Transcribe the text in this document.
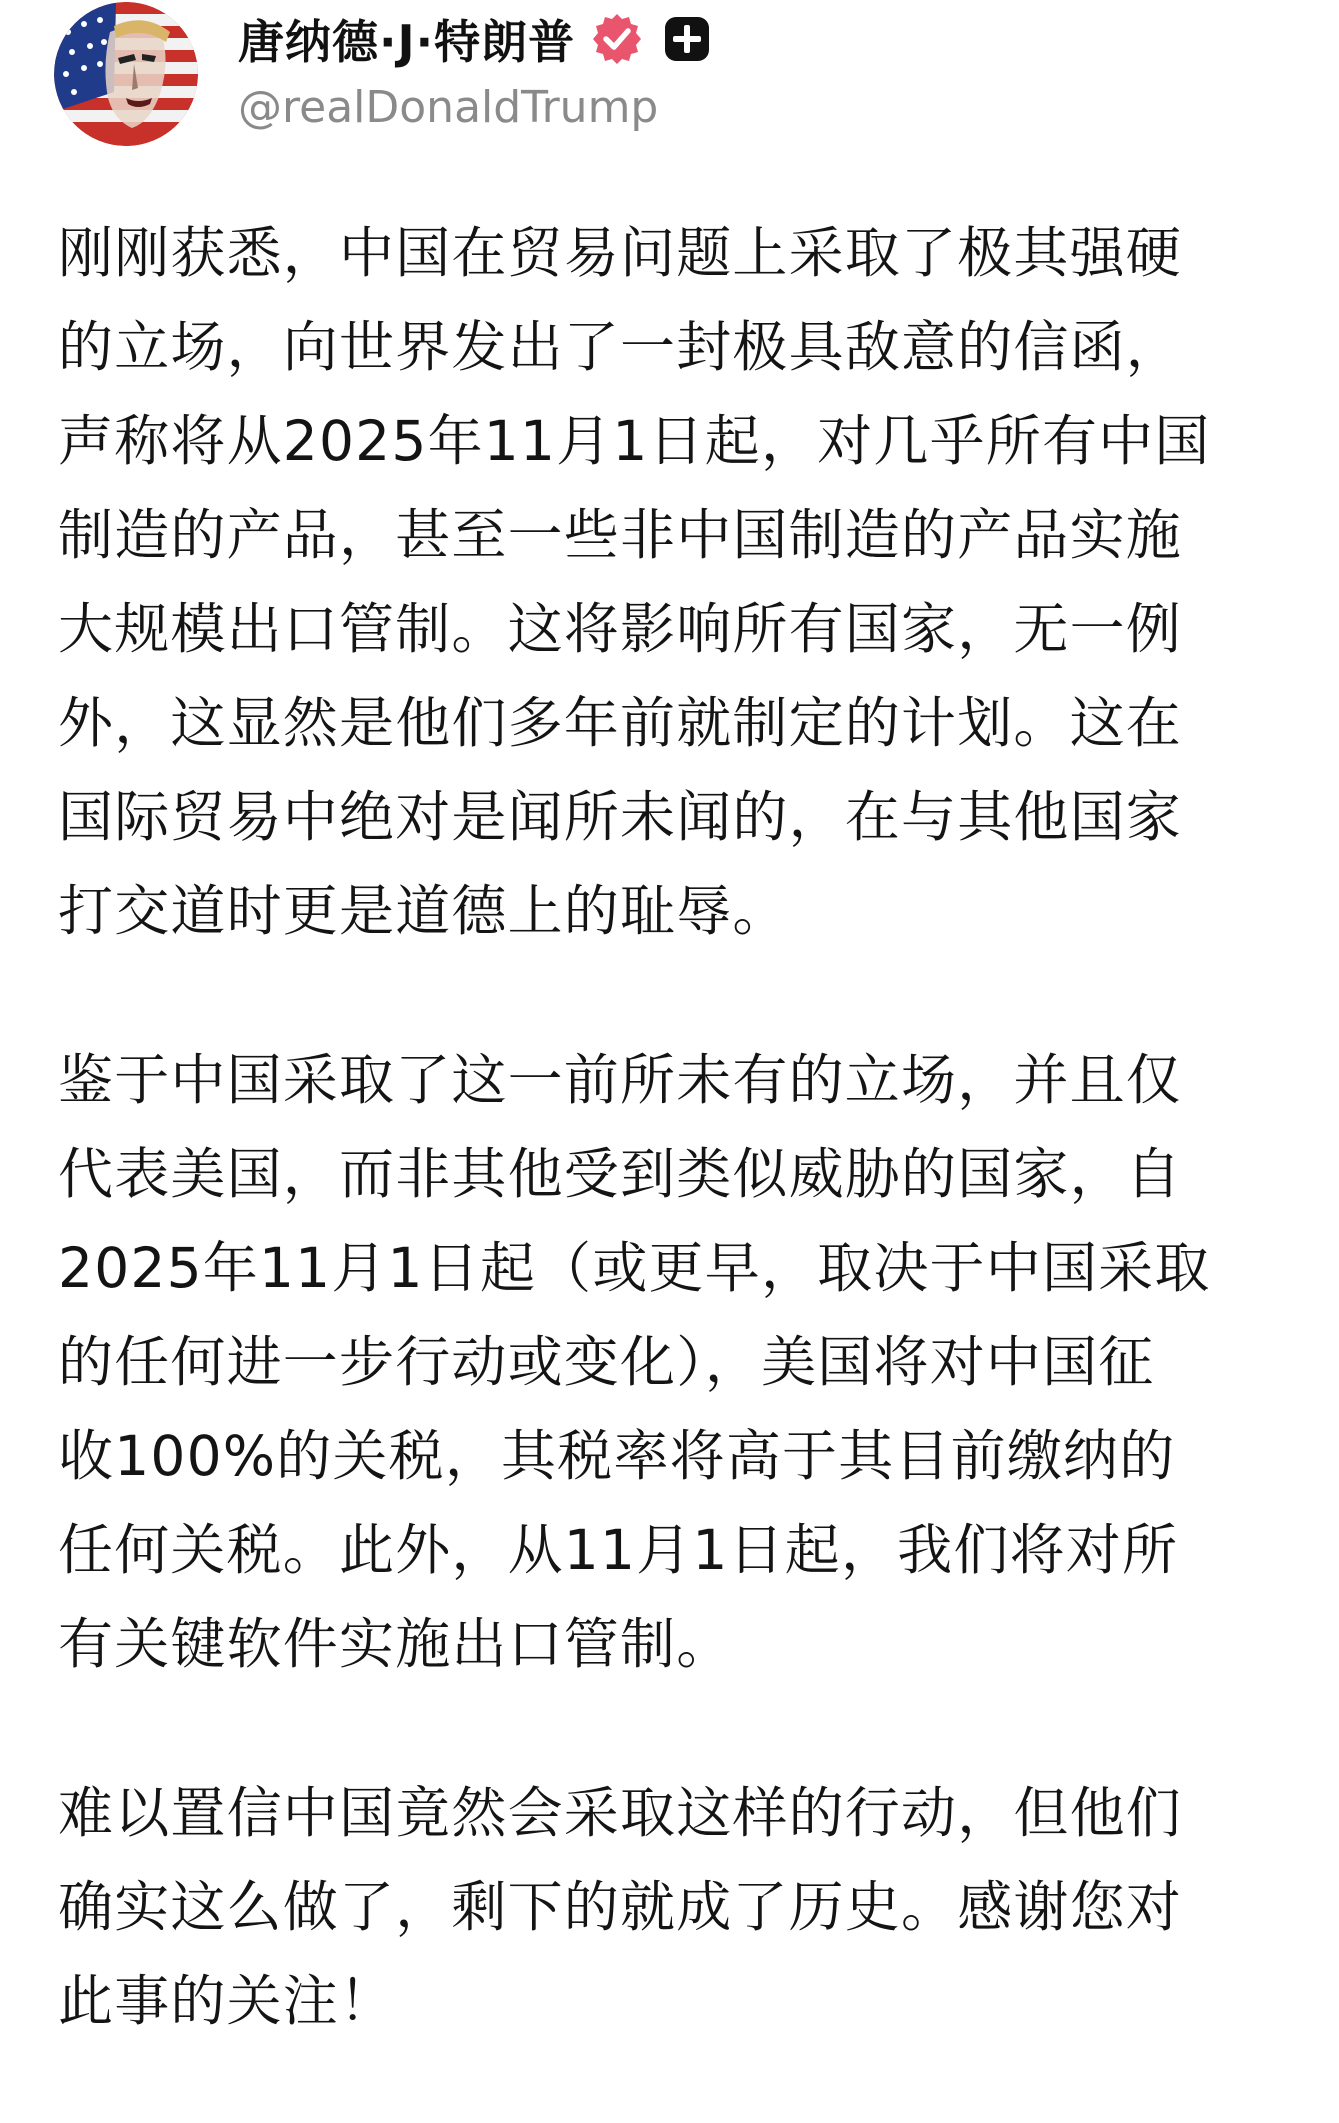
唐纳德·J·特朗普
@realDonaldTrump

刚刚获悉，中国在贸易问题上采取了极其强硬
的立场，向世界发出了一封极具敌意的信函，
声称将从2025年11月1日起，对几乎所有中国
制造的产品，甚至一些非中国制造的产品实施
大规模出口管制。这将影响所有国家，无一例
外，这显然是他们多年前就制定的计划。这在
国际贸易中绝对是闻所未闻的，在与其他国家
打交道时更是道德上的耻辱。

鉴于中国采取了这一前所未有的立场，并且仅
代表美国，而非其他受到类似威胁的国家，自
2025年11月1日起（或更早，取决于中国采取
的任何进一步行动或变化），美国将对中国征
收100%的关税，其税率将高于其目前缴纳的
任何关税。此外，从11月1日起，我们将对所
有关键软件实施出口管制。

难以置信中国竟然会采取这样的行动，但他们
确实这么做了，剩下的就成了历史。感谢您对
此事的关注！
